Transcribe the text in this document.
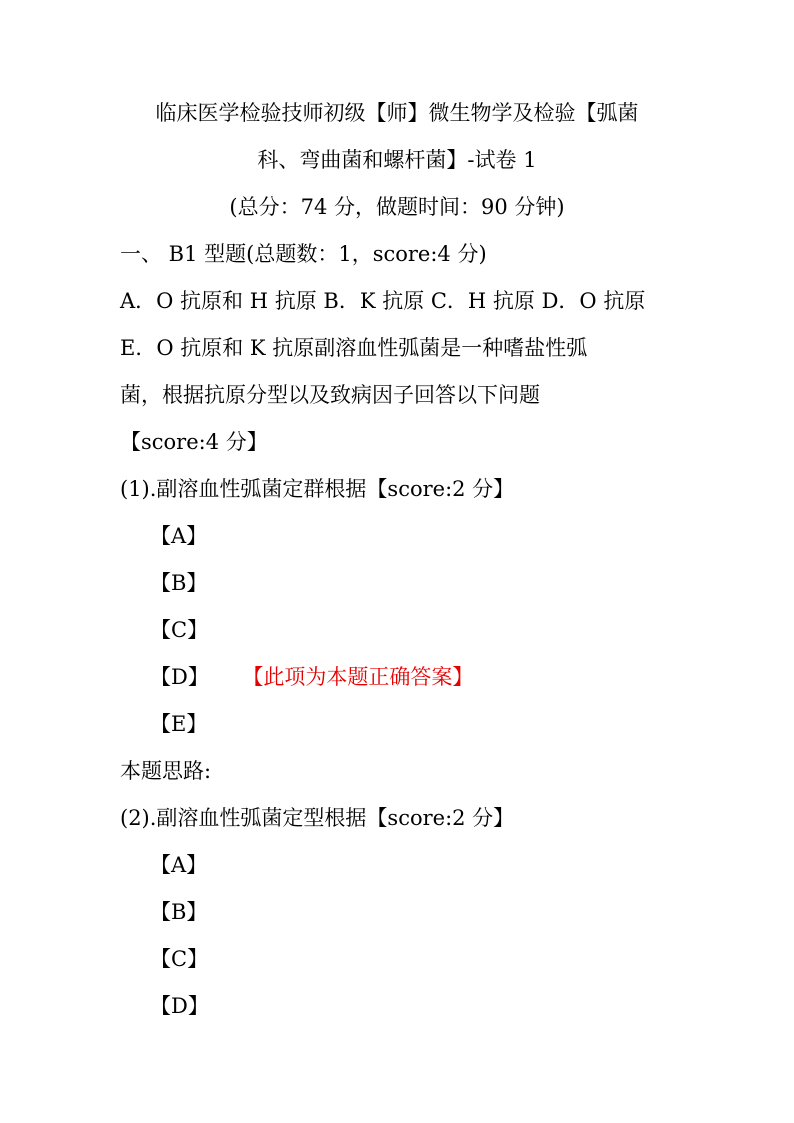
临床医学检验技师初级【师】微生物学及检验【弧菌
科、弯曲菌和螺杆菌】-试卷 1
(总分：74 分，做题时间：90 分钟)
一、 B1 型题(总题数：1，score:4 分)
A．O 抗原和 H 抗原 B．K 抗原 C．H 抗原 D．O 抗原
E．O 抗原和 K 抗原副溶血性弧菌是一种嗜盐性弧
菌，根据抗原分型以及致病因子回答以下问题
【score:4 分】
(1).副溶血性弧菌定群根据【score:2 分】
【A】
【B】
【C】
【D】 【此项为本题正确答案】
【E】
本题思路:
(2).副溶血性弧菌定型根据【score:2 分】
【A】
【B】
【C】
【D】
